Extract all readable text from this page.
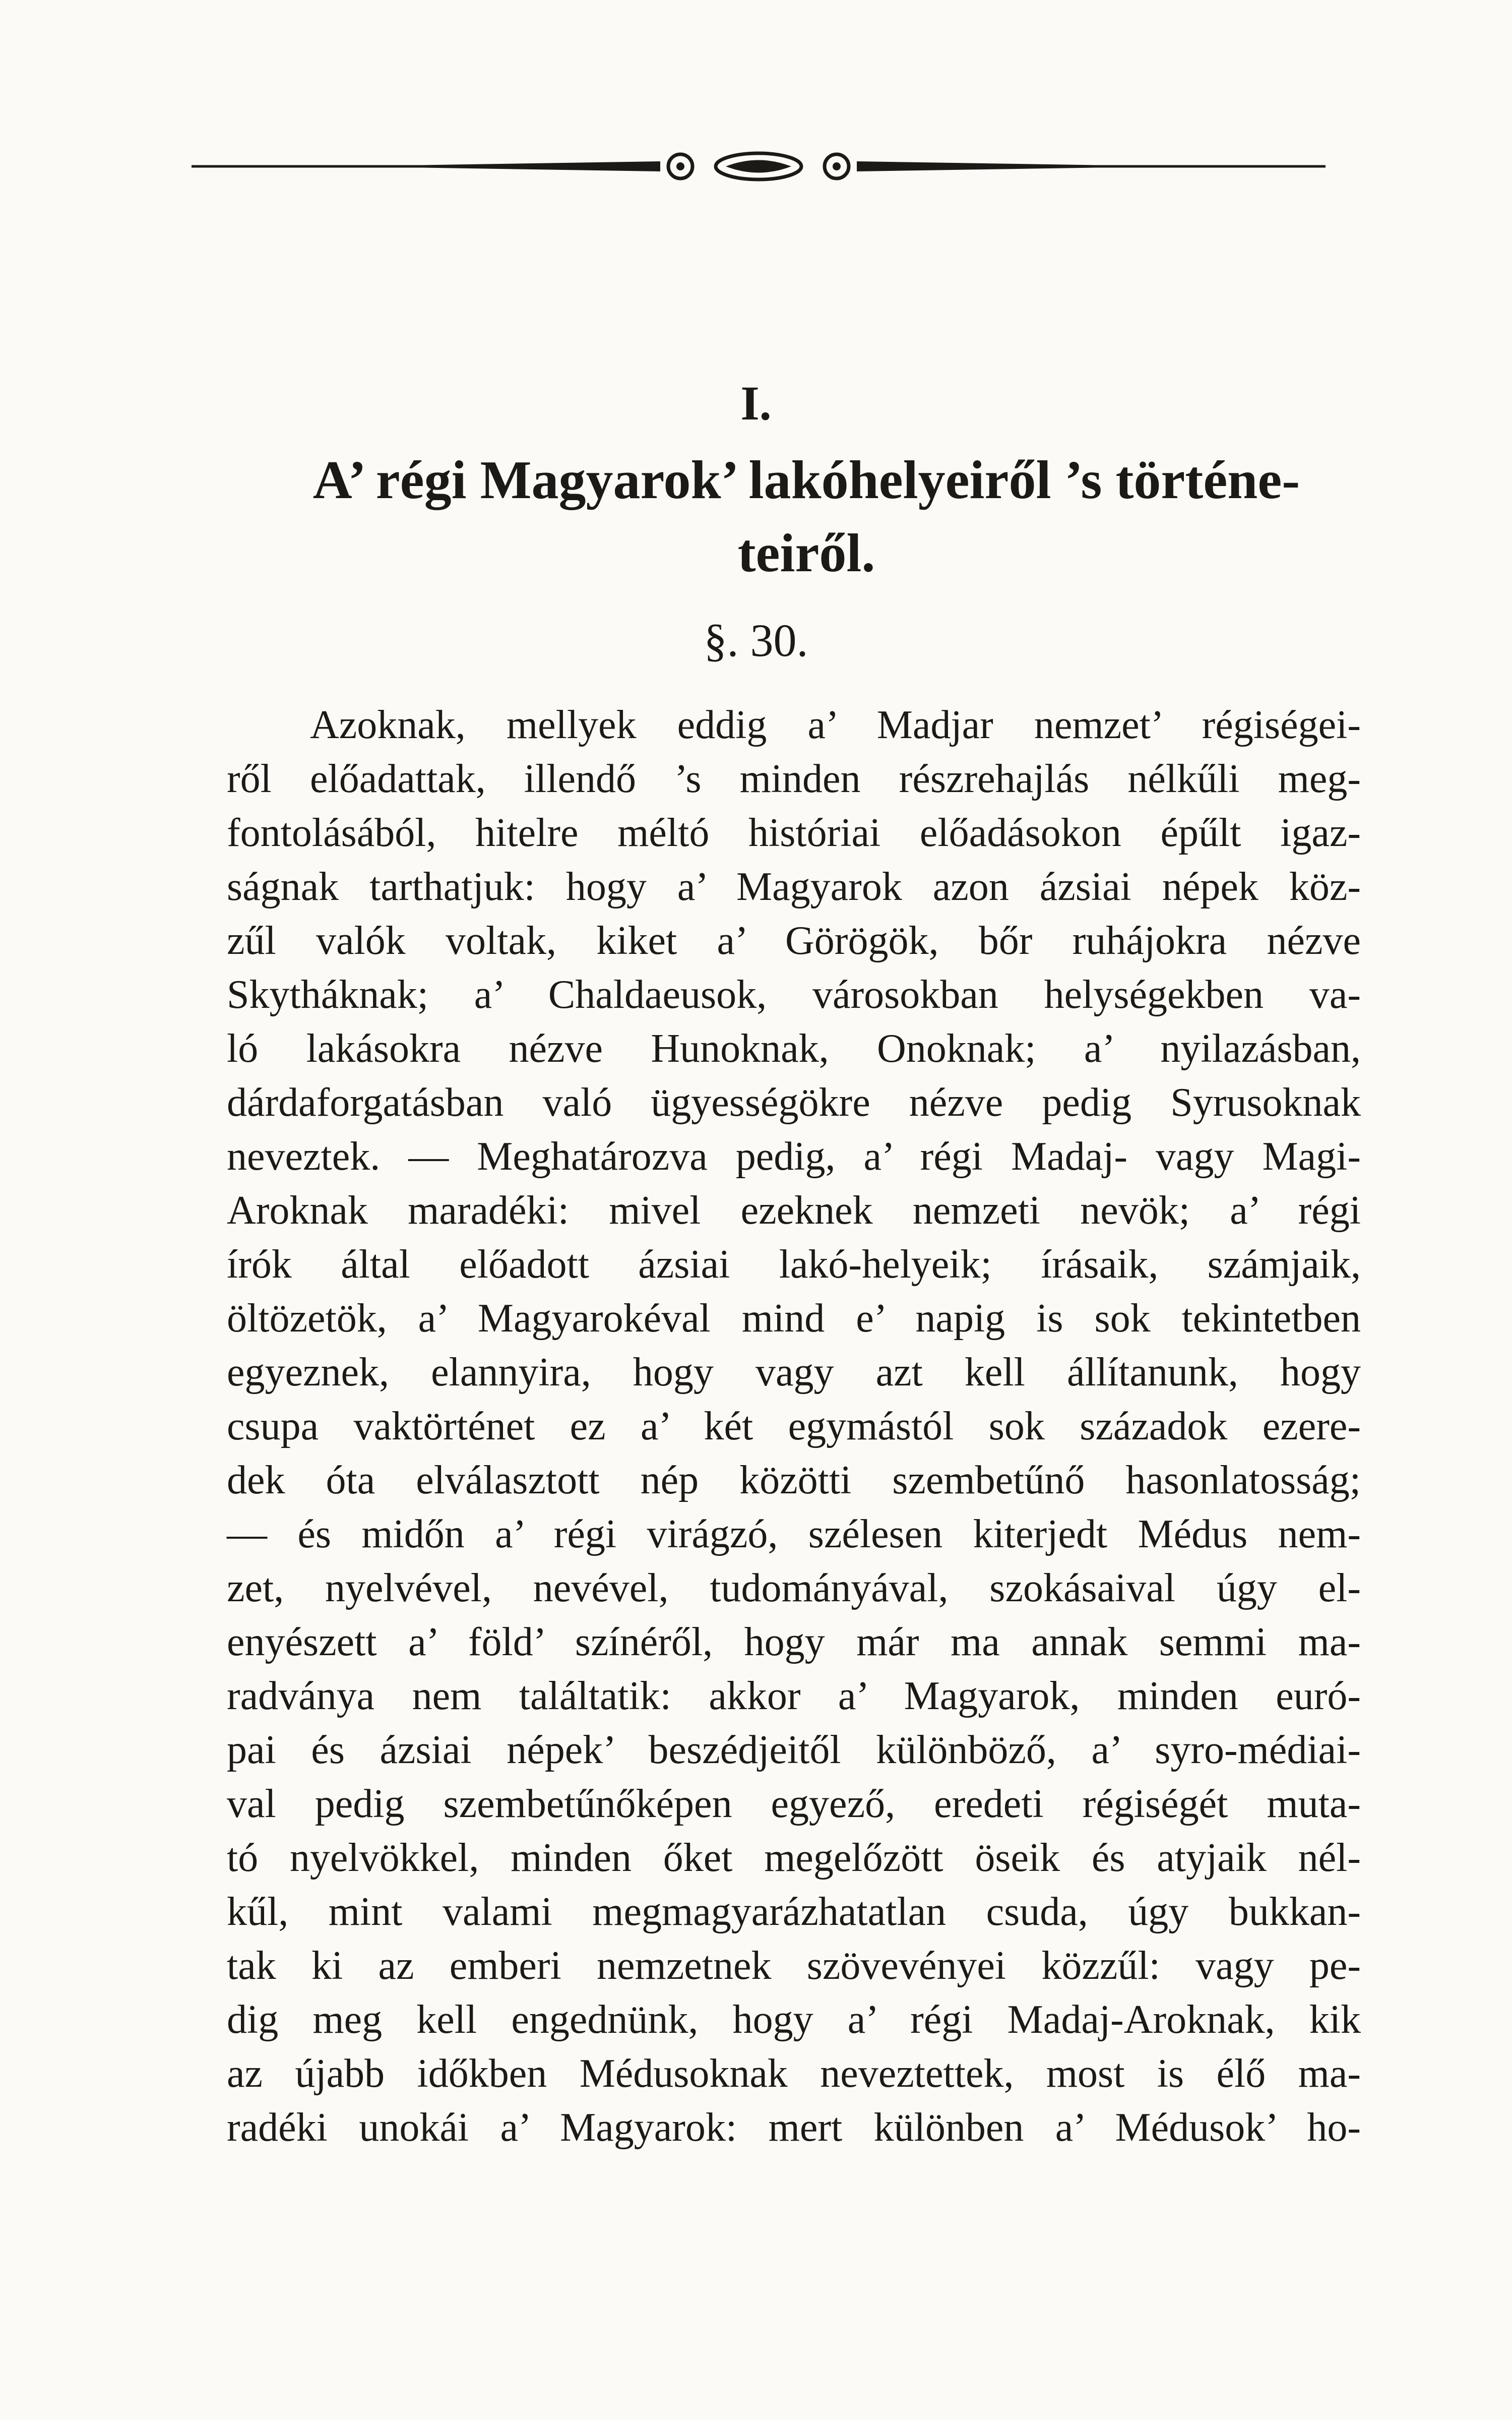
I.
A’ régi Magyarok’ lakóhelyeiről ’s történe-
teiről.
§. 30.
Azoknak, mellyek eddig a’ Madjar nemzet’ régiségei-
ről előadattak, illendő ’s minden részrehajlás nélkűli meg-
fontolásából, hitelre méltó históriai előadásokon épűlt igaz-
ságnak tarthatjuk: hogy a’ Magyarok azon ázsiai népek köz-
zűl valók voltak, kiket a’ Görögök, bőr ruhájokra nézve
Skytháknak; a’ Chaldaeusok, városokban helységekben va-
ló lakásokra nézve Hunoknak, Onoknak; a’ nyilazásban,
dárdaforgatásban való ügyességökre nézve pedig Syrusoknak
neveztek. — Meghatározva pedig, a’ régi Madaj- vagy Magi-
Aroknak maradéki: mivel ezeknek nemzeti nevök; a’ régi
írók által előadott ázsiai lakó-helyeik; írásaik, számjaik,
öltözetök, a’ Magyarokéval mind e’ napig is sok tekintetben
egyeznek, elannyira, hogy vagy azt kell állítanunk, hogy
csupa vaktörténet ez a’ két egymástól sok századok ezere-
dek óta elválasztott nép közötti szembetűnő hasonlatosság;
— és midőn a’ régi virágzó, szélesen kiterjedt Médus nem-
zet, nyelvével, nevével, tudományával, szokásaival úgy el-
enyészett a’ föld’ színéről, hogy már ma annak semmi ma-
radványa nem találtatik: akkor a’ Magyarok, minden euró-
pai és ázsiai népek’ beszédjeitől különböző, a’ syro-médiai-
val pedig szembetűnőképen egyező, eredeti régiségét muta-
tó nyelvökkel, minden őket megelőzött öseik és atyjaik nél-
kűl, mint valami megmagyarázhatatlan csuda, úgy bukkan-
tak ki az emberi nemzetnek szövevényei közzűl: vagy pe-
dig meg kell engednünk, hogy a’ régi Madaj-Aroknak, kik
az újabb időkben Médusoknak neveztettek, most is élő ma-
radéki unokái a’ Magyarok: mert különben a’ Médusok’ ho-
